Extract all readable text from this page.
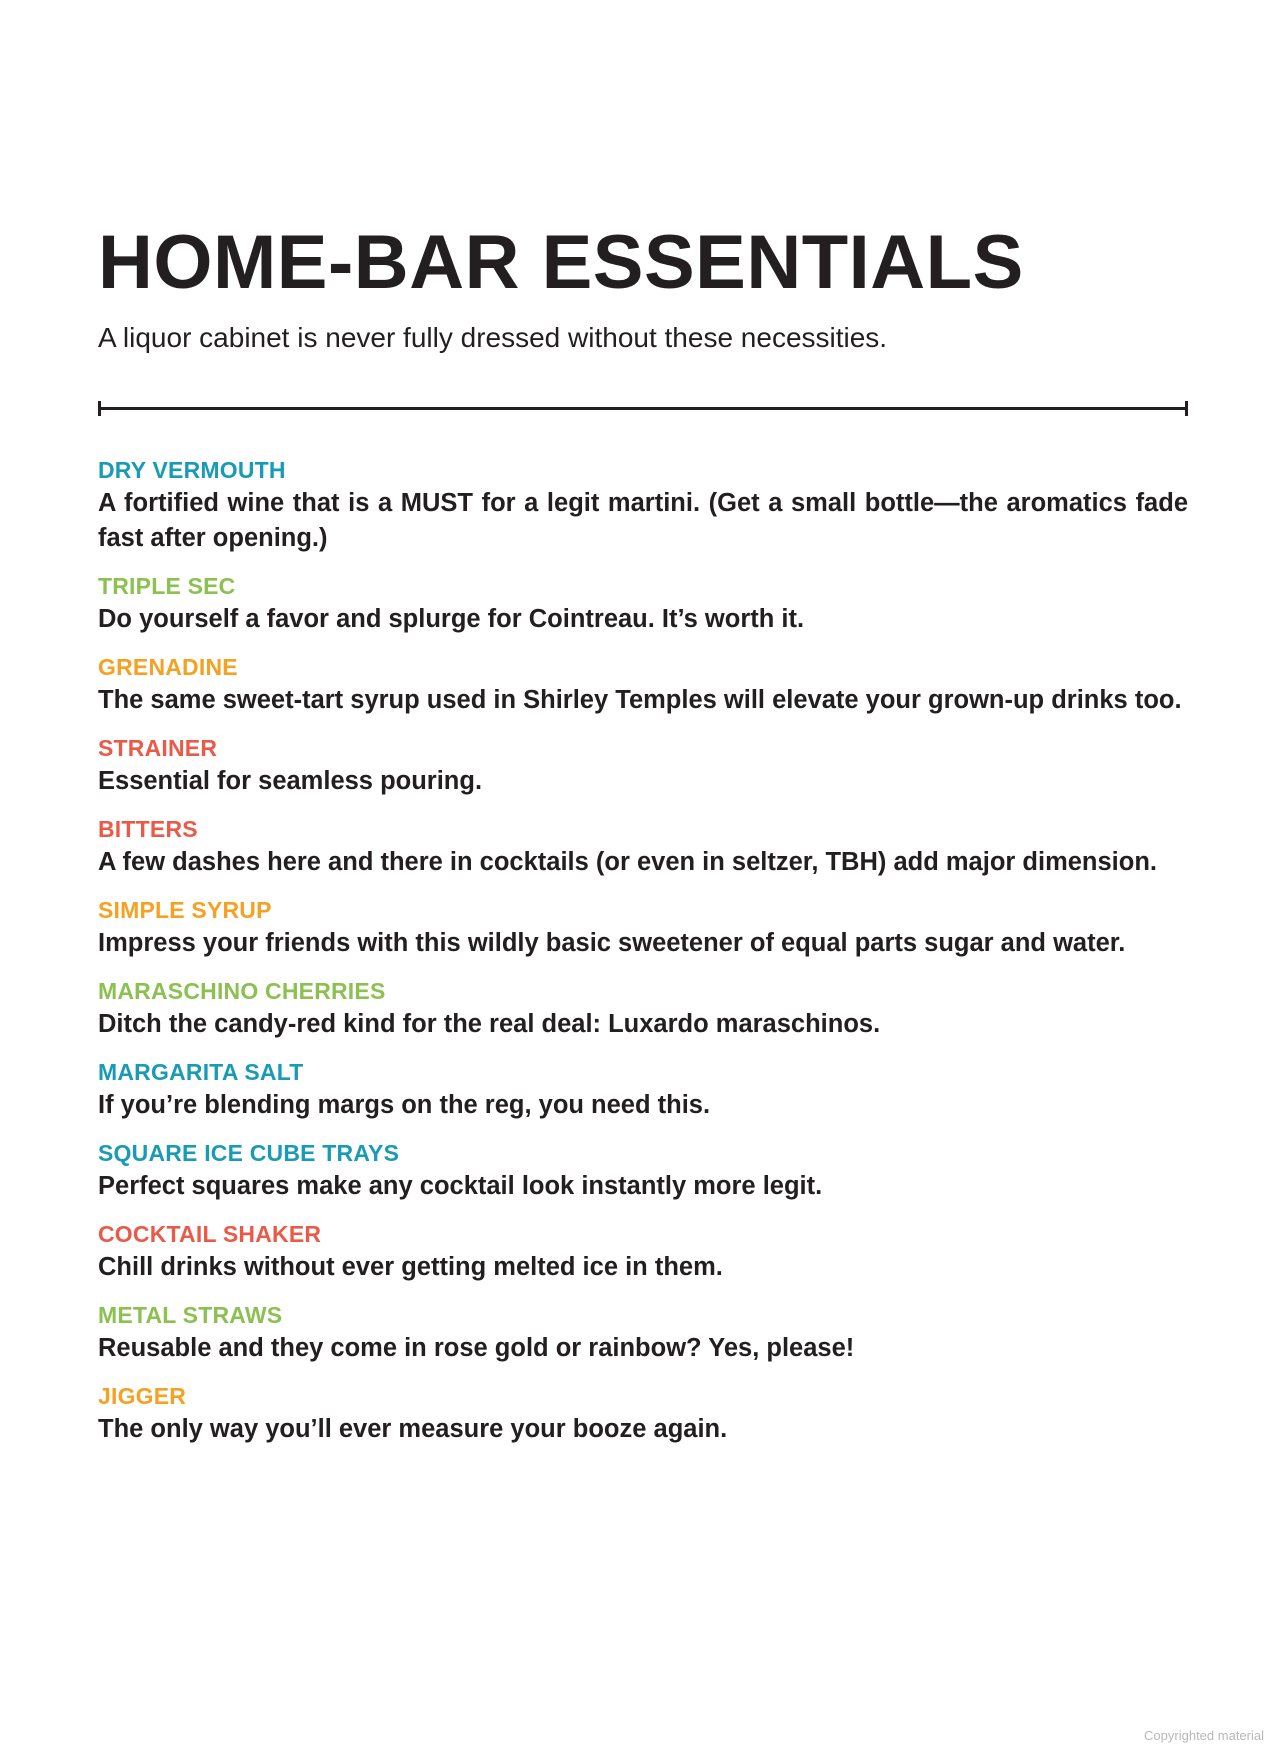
HOME-BAR ESSENTIALS

A liquor cabinet is never fully dressed without these necessities.

DRY VERMOUTH
A fortified wine that is a MUST for a legit martini. (Get a small bottle—the aromatics fade fast after opening.)
TRIPLE SEC
Do yourself a favor and splurge for Cointreau. It’s worth it.
GRENADINE
The same sweet-tart syrup used in Shirley Temples will elevate your grown-up drinks too.
STRAINER
Essential for seamless pouring.
BITTERS
A few dashes here and there in cocktails (or even in seltzer, TBH) add major dimension.
SIMPLE SYRUP
Impress your friends with this wildly basic sweetener of equal parts sugar and water.
MARASCHINO CHERRIES
Ditch the candy-red kind for the real deal: Luxardo maraschinos.
MARGARITA SALT
If you’re blending margs on the reg, you need this.
SQUARE ICE CUBE TRAYS
Perfect squares make any cocktail look instantly more legit.
COCKTAIL SHAKER
Chill drinks without ever getting melted ice in them.
METAL STRAWS
Reusable and they come in rose gold or rainbow? Yes, please!
JIGGER
The only way you’ll ever measure your booze again.
Copyrighted material
